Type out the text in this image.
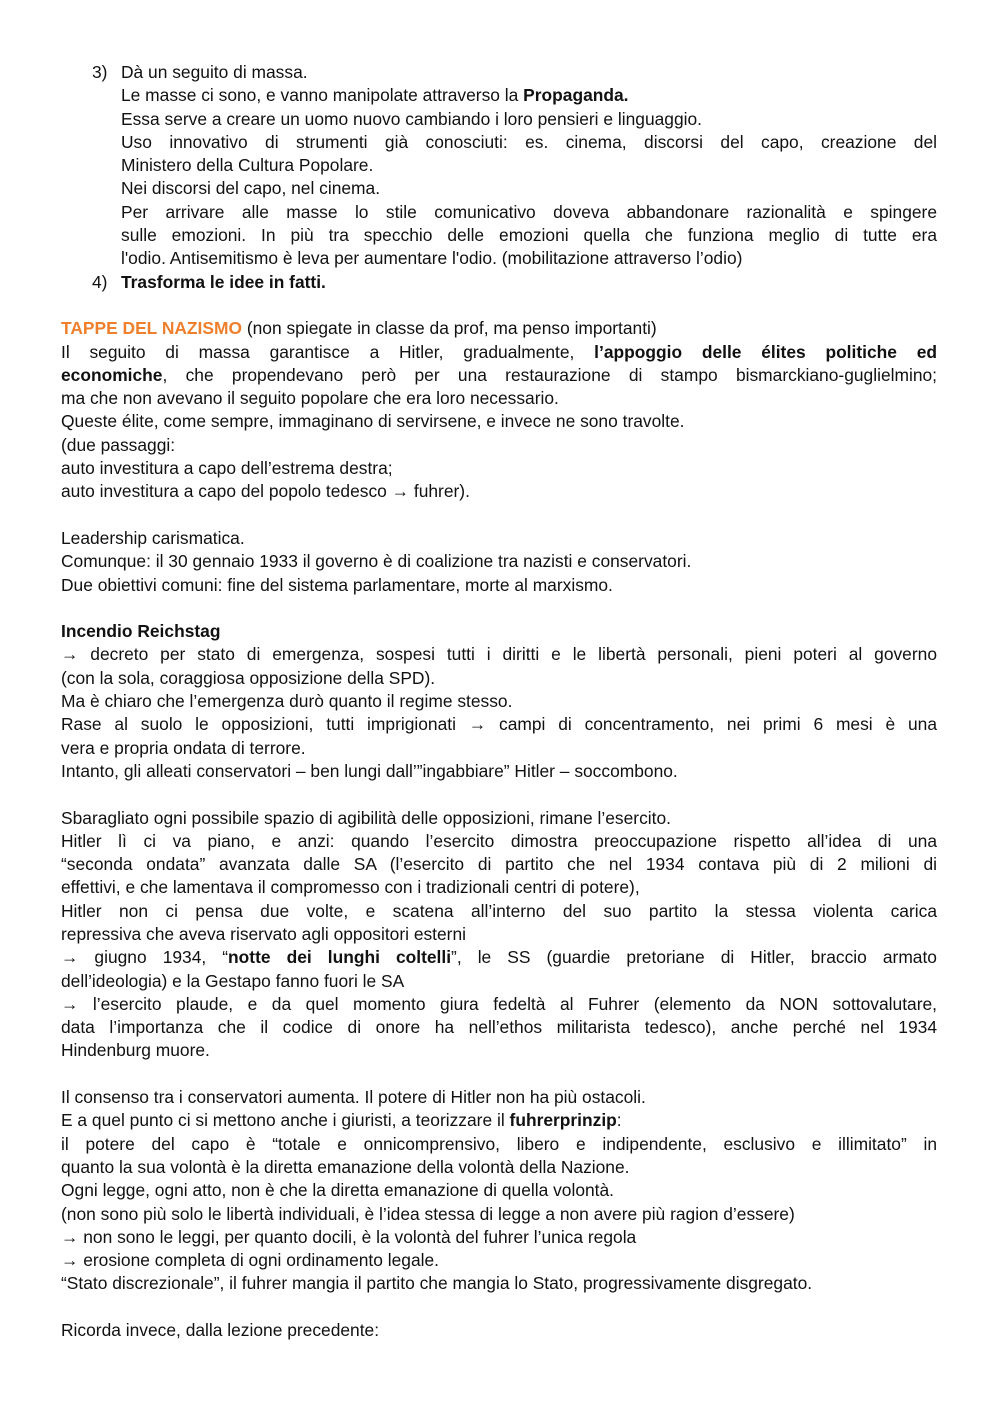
3) Dà un seguito di massa.
Le masse ci sono, e vanno manipolate attraverso la Propaganda.
Essa serve a creare un uomo nuovo cambiando i loro pensieri e linguaggio.
Uso innovativo di strumenti già conosciuti: es. cinema, discorsi del capo, creazione del
Ministero della Cultura Popolare.
Nei discorsi del capo, nel cinema.
Per arrivare alle masse lo stile comunicativo doveva abbandonare razionalità e spingere
sulle emozioni. In più tra specchio delle emozioni quella che funziona meglio di tutte era
l'odio. Antisemitismo è leva per aumentare l'odio. (mobilitazione attraverso l’odio)
4) Trasforma le idee in fatti.
TAPPE DEL NAZISMO (non spiegate in classe da prof, ma penso importanti)
Il seguito di massa garantisce a Hitler, gradualmente, l’appoggio delle élites politiche ed
economiche, che propendevano però per una restaurazione di stampo bismarckiano-guglielmino;
ma che non avevano il seguito popolare che era loro necessario.
Queste élite, come sempre, immaginano di servirsene, e invece ne sono travolte.
(due passaggi:
auto investitura a capo dell’estrema destra;
auto investitura a capo del popolo tedesco → fuhrer).
Leadership carismatica.
Comunque: il 30 gennaio 1933 il governo è di coalizione tra nazisti e conservatori.
Due obiettivi comuni: fine del sistema parlamentare, morte al marxismo.
Incendio Reichstag
→ decreto per stato di emergenza, sospesi tutti i diritti e le libertà personali, pieni poteri al governo
(con la sola, coraggiosa opposizione della SPD).
Ma è chiaro che l’emergenza durò quanto il regime stesso.
Rase al suolo le opposizioni, tutti imprigionati → campi di concentramento, nei primi 6 mesi è una
vera e propria ondata di terrore.
Intanto, gli alleati conservatori – ben lungi dall’”ingabbiare” Hitler – soccombono.
Sbaragliato ogni possibile spazio di agibilità delle opposizioni, rimane l’esercito.
Hitler lì ci va piano, e anzi: quando l’esercito dimostra preoccupazione rispetto all’idea di una
“seconda ondata” avanzata dalle SA (l’esercito di partito che nel 1934 contava più di 2 milioni di
effettivi, e che lamentava il compromesso con i tradizionali centri di potere),
Hitler non ci pensa due volte, e scatena all’interno del suo partito la stessa violenta carica
repressiva che aveva riservato agli oppositori esterni
→ giugno 1934, “notte dei lunghi coltelli”, le SS (guardie pretoriane di Hitler, braccio armato
dell’ideologia) e la Gestapo fanno fuori le SA
→ l’esercito plaude, e da quel momento giura fedeltà al Fuhrer (elemento da NON sottovalutare,
data l’importanza che il codice di onore ha nell’ethos militarista tedesco), anche perché nel 1934
Hindenburg muore.
Il consenso tra i conservatori aumenta. Il potere di Hitler non ha più ostacoli.
E a quel punto ci si mettono anche i giuristi, a teorizzare il fuhrerprinzip:
il potere del capo è “totale e onnicomprensivo, libero e indipendente, esclusivo e illimitato” in
quanto la sua volontà è la diretta emanazione della volontà della Nazione.
Ogni legge, ogni atto, non è che la diretta emanazione di quella volontà.
(non sono più solo le libertà individuali, è l’idea stessa di legge a non avere più ragion d’essere)
→ non sono le leggi, per quanto docili, è la volontà del fuhrer l’unica regola
→ erosione completa di ogni ordinamento legale.
“Stato discrezionale”, il fuhrer mangia il partito che mangia lo Stato, progressivamente disgregato.
Ricorda invece, dalla lezione precedente:
